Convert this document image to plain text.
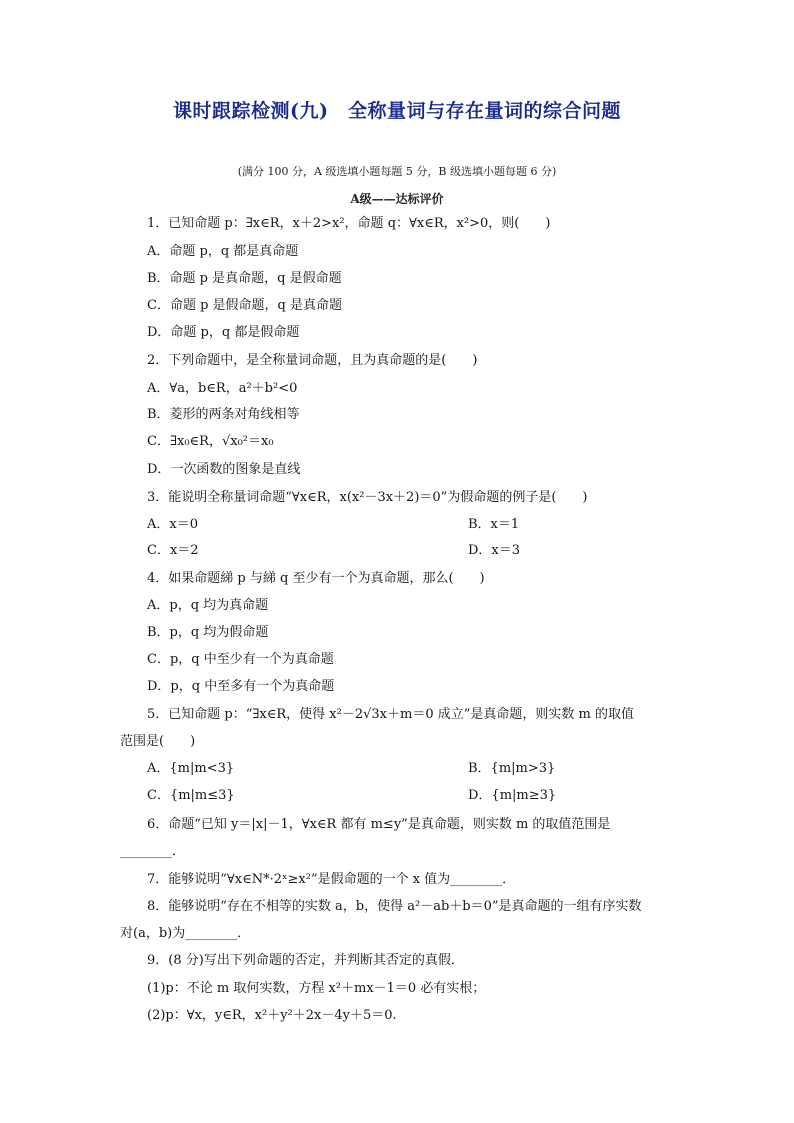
课时跟踪检测(九)　全称量词与存在量词的综合问题
(满分 100 分，A 级选填小题每题 5 分，B 级选填小题每题 6 分)
A级——达标评价
1．已知命题 p：∃x∈R，x＋2>x²，命题 q：∀x∈R，x²>0，则(　　)
A．命题 p，q 都是真命题
B．命题 p 是真命题，q 是假命题
C．命题 p 是假命题，q 是真命题
D．命题 p，q 都是假命题
2．下列命题中，是全称量词命题，且为真命题的是(　　)
A．∀a，b∈R，a²＋b²<0
B．菱形的两条对角线相等
C．∃x₀∈R，√x₀²＝x₀
D．一次函数的图象是直线
3．能说明全称量词命题“∀x∈R，x(x²－3x＋2)＝0”为假命题的例子是(　　)
A．x＝0	B．x＝1
C．x＝2	D．x＝3
4．如果命题綈 p 与綈 q 至少有一个为真命题，那么(　　)
A．p，q 均为真命题
B．p，q 均为假命题
C．p，q 中至少有一个为真命题
D．p，q 中至多有一个为真命题
5．已知命题 p：“∃x∈R，使得 x²－2√3x＋m＝0 成立”是真命题，则实数 m 的取值
范围是(　　)
A．{m|m<3}	B．{m|m>3}
C．{m|m≤3}	D．{m|m≥3}
6．命题“已知 y＝|x|－1，∀x∈R 都有 m≤y”是真命题，则实数 m 的取值范围是
________．
7．能够说明“∀x∈N*·2ˣ≥x²”是假命题的一个 x 值为________．
8．能够说明“存在不相等的实数 a，b，使得 a²－ab＋b＝0”是真命题的一组有序实数
对(a，b)为________．
9．(8 分)写出下列命题的否定，并判断其否定的真假．
(1)p：不论 m 取何实数，方程 x²＋mx－1＝0 必有实根；
(2)p：∀x，y∈R，x²＋y²＋2x－4y＋5＝0.
